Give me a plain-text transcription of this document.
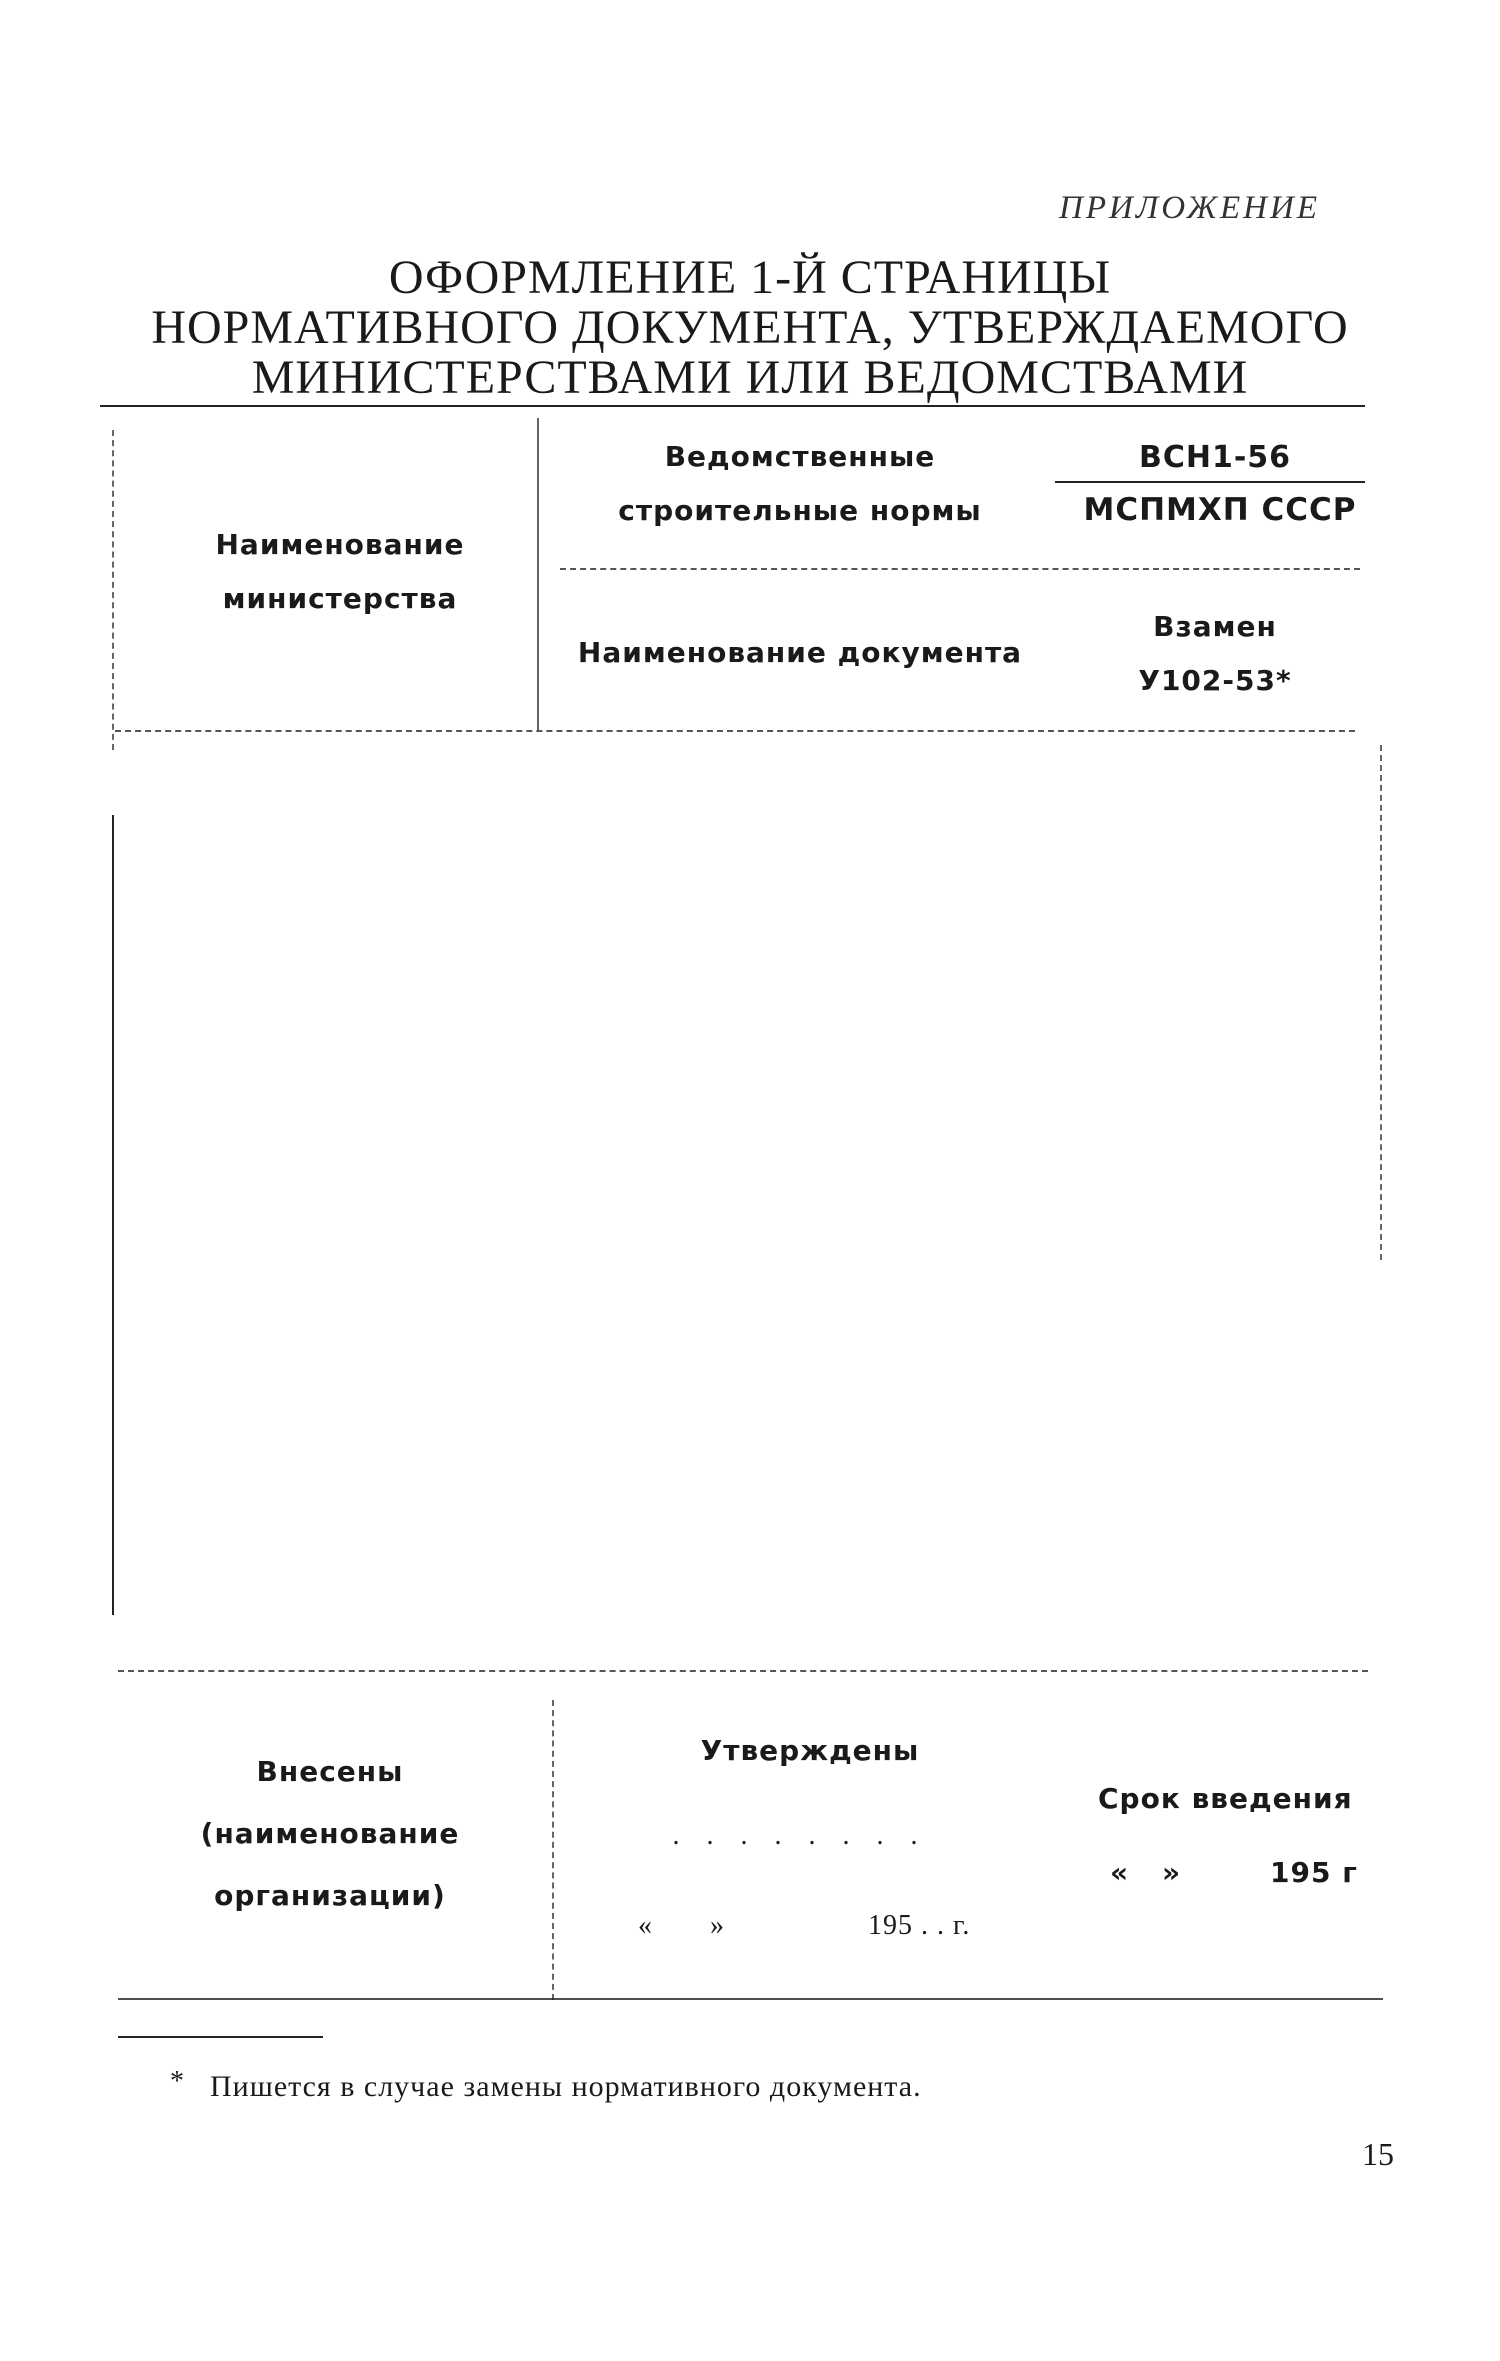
ПРИЛОЖЕНИЕ
ОФОРМЛЕНИЕ 1-Й СТРАНИЦЫ
НОРМАТИВНОГО ДОКУМЕНТА, УТВЕРЖДАЕМОГО
МИНИСТЕРСТВАМИ ИЛИ ВЕДОМСТВАМИ
Наименование
министерства
Ведомственные
строительные нормы
ВСН1-56
МСПМХП СССР
Наименование документа
Взамен
У102-53*
Внесены
(наименование
организации)
Утверждены
. . . . . . . .
« »	195 . . г.
Срок введения
« »	195 г
* Пишется в случае замены нормативного документа.
15
